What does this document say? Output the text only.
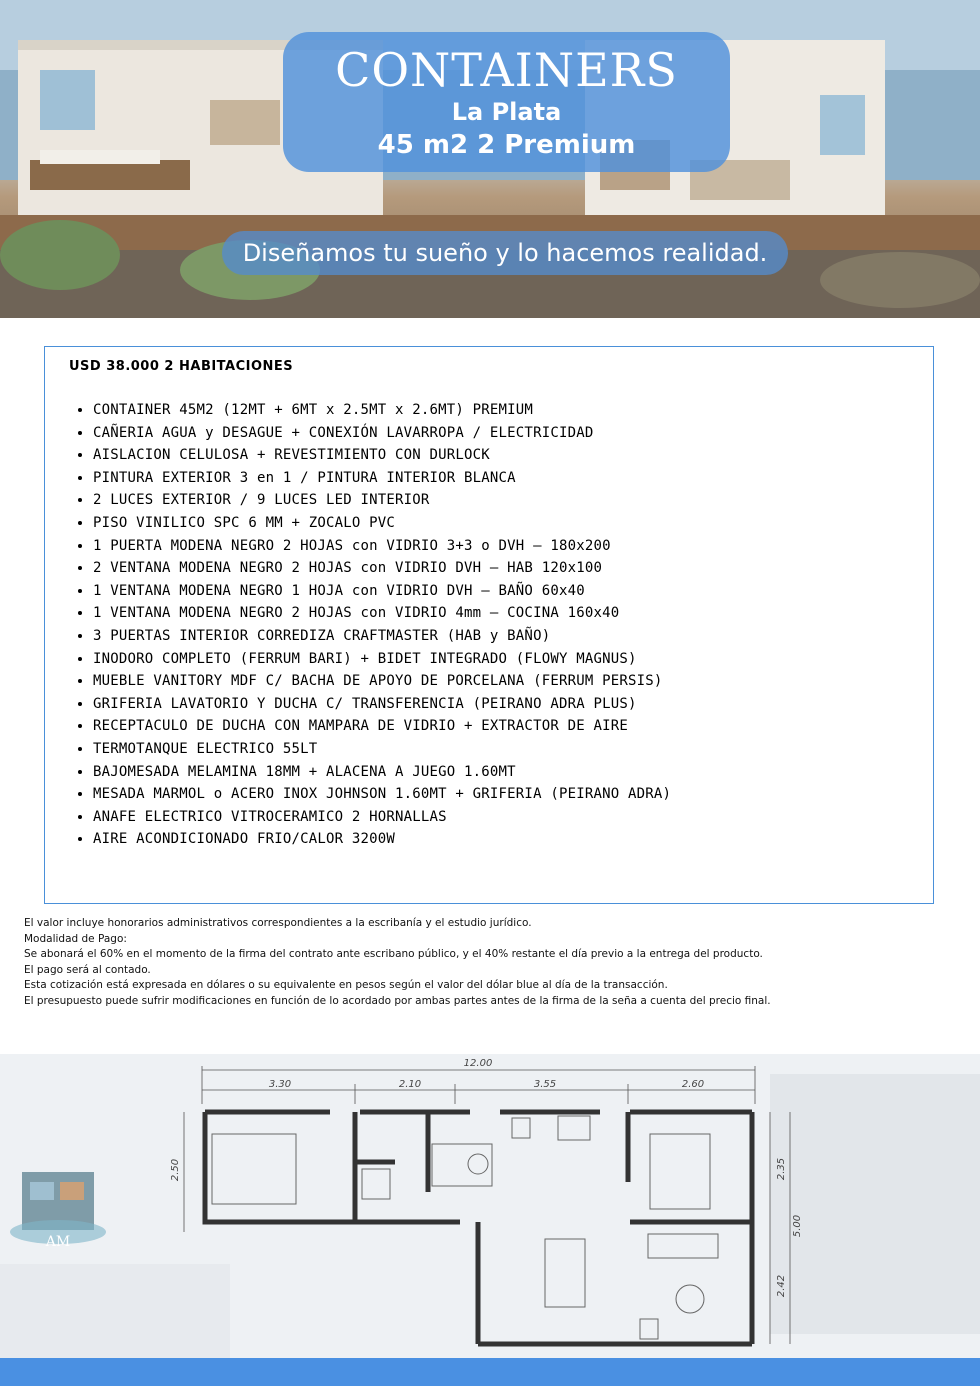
CONTAINERS
La Plata
45 m2 2 Premium
Diseñamos tu sueño y lo hacemos realidad.
USD 38.000 2 HABITACIONES
• CONTAINER 45M2 (12MT + 6MT x 2.5MT x 2.6MT) PREMIUM
• CAÑERIA AGUA y DESAGUE + CONEXIÓN LAVARROPA / ELECTRICIDAD
• AISLACION CELULOSA + REVESTIMIENTO CON DURLOCK
• PINTURA EXTERIOR 3 en 1 / PINTURA INTERIOR BLANCA
• 2 LUCES EXTERIOR / 9 LUCES LED INTERIOR
• PISO VINILICO SPC 6 MM + ZOCALO PVC
• 1 PUERTA MODENA NEGRO 2 HOJAS con VIDRIO 3+3 o DVH – 180x200
• 2 VENTANA MODENA NEGRO 2 HOJAS con VIDRIO DVH – HAB 120x100
• 1 VENTANA MODENA NEGRO 1 HOJA con VIDRIO DVH – BAÑO 60x40
• 1 VENTANA MODENA NEGRO 2 HOJAS con VIDRIO 4mm – COCINA 160x40
• 3 PUERTAS INTERIOR CORREDIZA CRAFTMASTER (HAB y BAÑO)
• INODORO COMPLETO (FERRUM BARI) + BIDET INTEGRADO (FLOWY MAGNUS)
• MUEBLE VANITORY MDF C/ BACHA DE APOYO DE PORCELANA (FERRUM PERSIS)
• GRIFERIA LAVATORIO Y DUCHA C/ TRANSFERENCIA (PEIRANO ADRA PLUS)
• RECEPTACULO DE DUCHA CON MAMPARA DE VIDRIO + EXTRACTOR DE AIRE
• TERMOTANQUE ELECTRICO 55LT
• BAJOMESADA MELAMINA 18MM + ALACENA A JUEGO 1.60MT
• MESADA MARMOL o ACERO INOX JOHNSON 1.60MT + GRIFERIA (PEIRANO ADRA)
• ANAFE ELECTRICO VITROCERAMICO 2 HORNALLAS
• AIRE ACONDICIONADO FRIO/CALOR 3200W

El valor incluye honorarios administrativos correspondientes a la escribanía y el estudio jurídico.

Modalidad de Pago:

Se abonará el 60% en el momento de la firma del contrato ante escribano público, y el 40% restante el día previo a la entrega del producto.

El pago será al contado.

Esta cotización está expresada en dólares o su equivalente en pesos según el valor del dólar blue al día de la transacción.

El presupuesto puede sufrir modificaciones en función de lo acordado por ambas partes antes de la firma de la seña a cuenta del precio final.

12.00
3.30	2.10	3.55	2.60
2.50	2.35
5.00
2.42
AM
